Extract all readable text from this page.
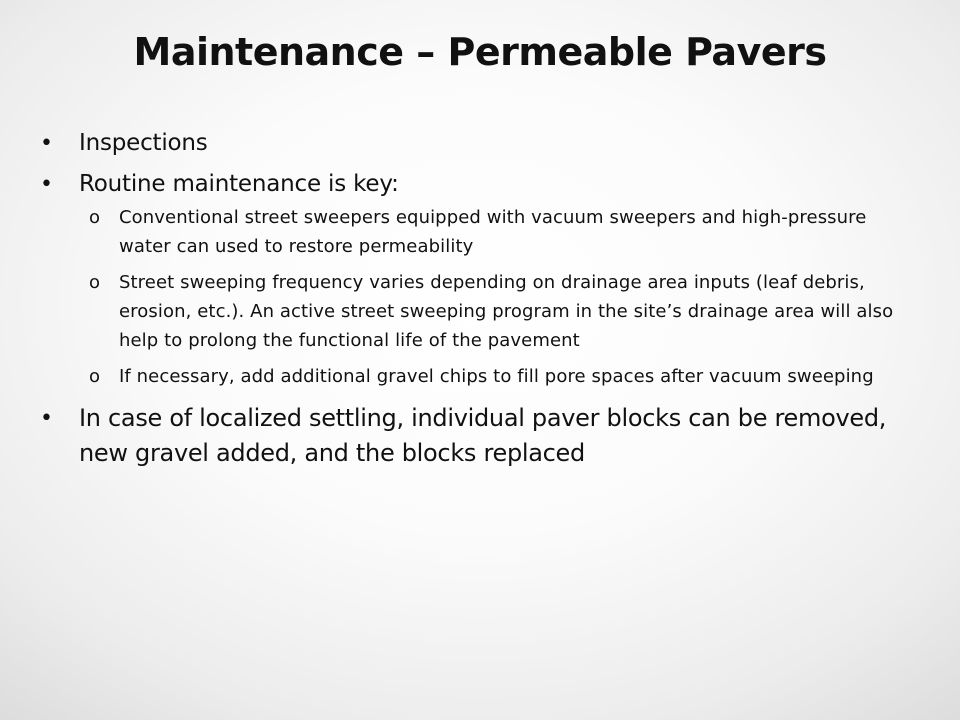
Maintenance – Permeable Pavers
• Inspections
• Routine maintenance is key:
o Conventional street sweepers equipped with vacuum sweepers and high-pressure water can used to restore permeability
o Street sweeping frequency varies depending on drainage area inputs (leaf debris, erosion, etc.). An active street sweeping program in the site’s drainage area will also help to prolong the functional life of the pavement
o If necessary, add additional gravel chips to fill pore spaces after vacuum sweeping
• In case of localized settling, individual paver blocks can be removed, new gravel added, and the blocks replaced
